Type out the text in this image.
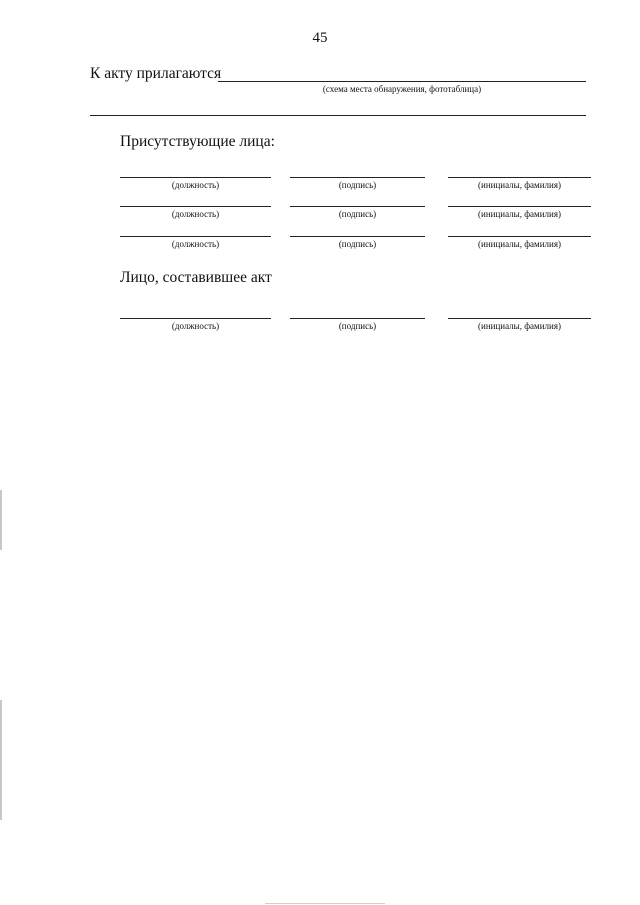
45
К акту прилагаются
(схема места обнаружения, фототаблица)
Присутствующие лица:
(должность)	(подпись)	(инициалы, фамилия)
(должность)	(подпись)	(инициалы, фамилия)
(должность)	(подпись)	(инициалы, фамилия)
Лицо, составившее акт
(должность)	(подпись)	(инициалы, фамилия)
